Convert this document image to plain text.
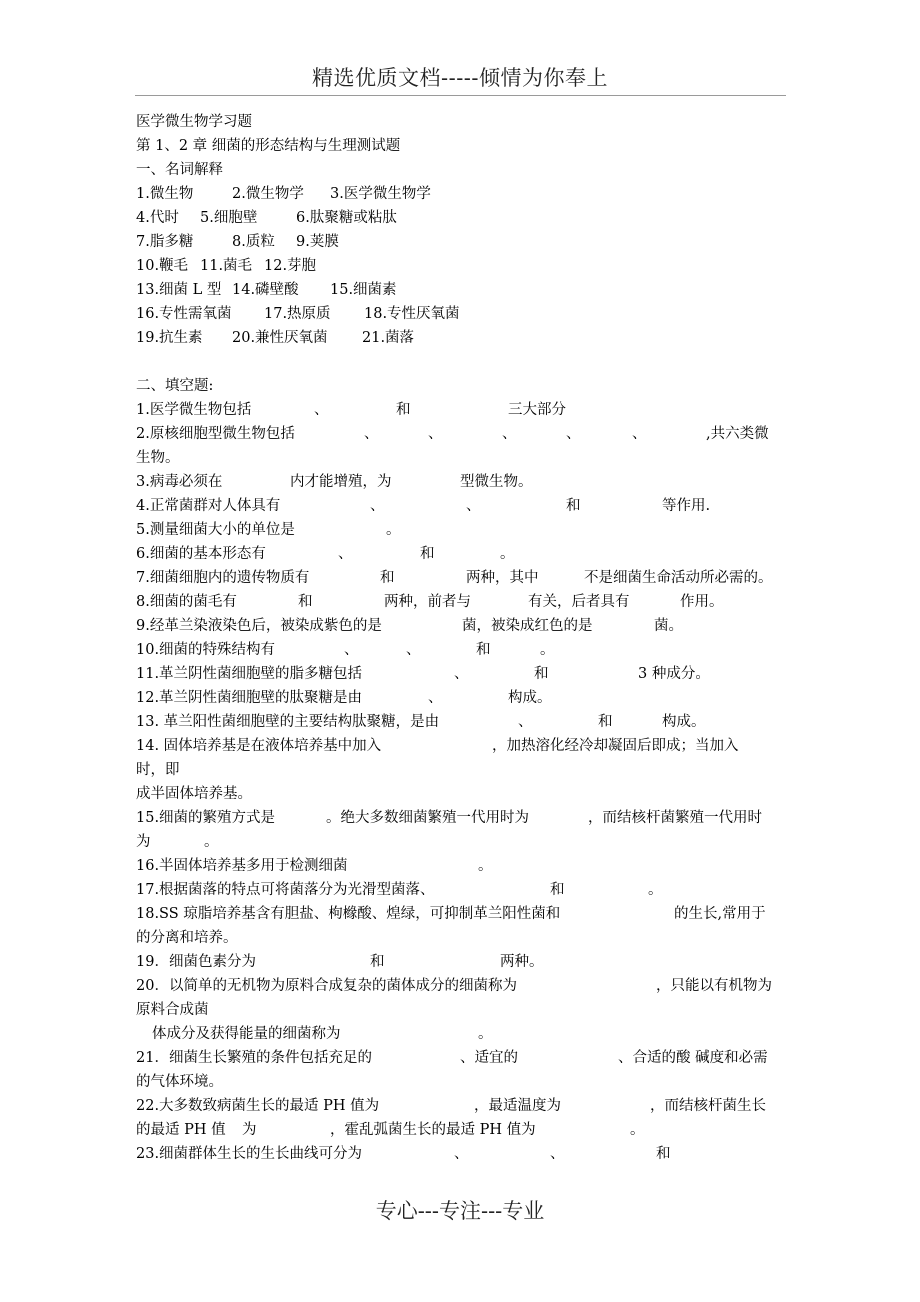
精选优质文档-----倾情为你奉上
医学微生物学习题
第 1、2 章 细菌的形态结构与生理测试题
一、名词解释
1.微生物	2.微生物学 3.医学微生物学
4.代时 5.细胞壁	6.肽聚糖或粘肽
7.脂多糖	8.质粒 9.荚膜
10.鞭毛 11.菌毛 12.芽胞
13.细菌 L 型 14.磷壁酸 15.细菌素
16.专性需氧菌 17.热原质 18.专性厌氧菌
19.抗生素 20.兼性厌氧菌 21.菌落
二、填空题:
1.医学微生物包括	、	和	三大部分
2.原核细胞型微生物包括	、	、	、	、	、	,共六类微
生物。
3.病毒必须在	内才能增殖，为	型微生物。
4.正常菌群对人体具有	、	、	和	等作用.
5.测量细菌大小的单位是	。
6.细菌的基本形态有	、	和	。
7.细菌细胞内的遗传物质有	和	两种，其中	不是细菌生命活动所必需的。
8.细菌的菌毛有	和	两种，前者与	有关，后者具有	作用。
9.经革兰染液染色后，被染成紫色的是	菌，被染成红色的是	菌。
10.细菌的特殊结构有	、	、	和	。
11.革兰阴性菌细胞壁的脂多糖包括	、	和	3 种成分。
12.革兰阴性菌细胞壁的肽聚糖是由	、	构成。
13. 革兰阳性菌细胞壁的主要结构肽聚糖，是由	、	和	构成。
14. 固体培养基是在液体培养基中加入	，加热溶化经冷却凝固后即成；当加入
时，即
成半固体培养基。
15.细菌的繁殖方式是	。绝大多数细菌繁殖一代用时为	，而结核杆菌繁殖一代用时
为	。
16.半固体培养基多用于检测细菌	。
17.根据菌落的特点可将菌落分为光滑型菌落、	和	。
18.SS 琼脂培养基含有胆盐、枸橼酸、煌绿，可抑制革兰阳性菌和	的生长,常用于
的分离和培养。
19．细菌色素分为	和	两种。
20．以简单的无机物为原料合成复杂的菌体成分的细菌称为	，只能以有机物为
原料合成菌
体成分及获得能量的细菌称为	。
21．细菌生长繁殖的条件包括充足的	、适宜的	、合适的酸 碱度和必需
的气体环境。
22.大多数致病菌生长的最适 PH 值为	，最适温度为	，而结核杆菌生长
的最适 PH 值 为	，霍乱弧菌生长的最适 PH 值为	。
23.细菌群体生长的生长曲线可分为	、	、	和
专心---专注---专业
